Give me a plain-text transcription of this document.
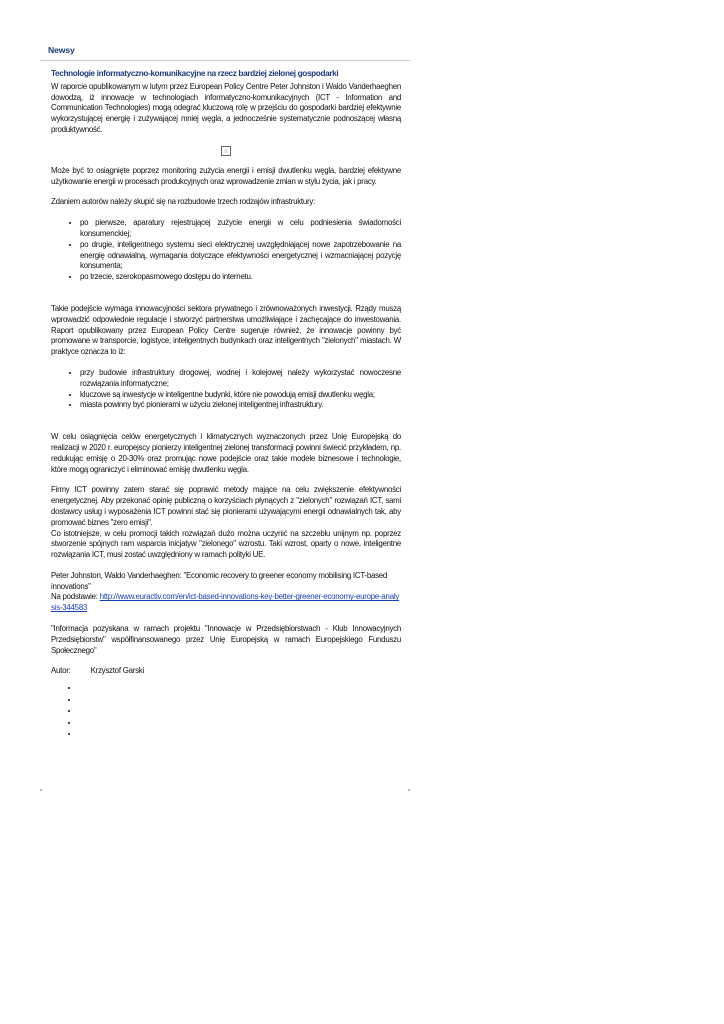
Newsy
Technologie informatyczno-komunikacyjne na rzecz bardziej zielonej gospodarki

W raporcie opublikowanym w lutym przez European Policy Centre Peter Johnston i Waldo Vanderhaeghen dowodzą, iż innowacje w technologiach informatyczno-komunikacyjnych (ICT - Information and Communication Technologies) mogą odegrać kluczową rolę w przejściu do gospodarki bardziej efektywnie wykorzystującej energię i zużywającej mniej węgla, a jednocześnie systematycznie podnoszącej własną produktywność.

Może być to osiągnięte poprzez monitoring zużycia energii i emisji dwutlenku węgla, bardziej efektywne użytkowanie energii w procesach produkcyjnych oraz wprowadzenie zmian w stylu życia, jak i pracy.

Zdaniem autorów należy skupić się na rozbudowie trzech rodzajów infrastruktury:

• po pierwsze, aparatury rejestrującej zużycie energii w celu podniesienia świadomości konsumenckiej;
• po drugie, inteligentnego systemu sieci elektrycznej uwzględniającej nowe zapotrzebowanie na energię odnawialną, wymagania dotyczące efektywności energetycznej i wzmacniającej pozycję konsumenta;
• po trzecie, szerokopasmowego dostępu do internetu.

Takie podejście wymaga innowacyjności sektora prywatnego i zrównoważonych inwestycji. Rządy muszą wprowadzić odpowiednie regulacje i stworzyć partnerstwa umożliwiające i zachęcające do inwestowania. Raport opublikowany przez European Policy Centre sugeruje również, że innowacje powinny być promowane w transporcie, logistyce, inteligentnych budynkach oraz inteligentnych "zielonych" miastach. W praktyce oznacza to iż:

• przy budowie infrastruktury drogowej, wodnej i kolejowej należy wykorzystać nowoczesne rozwiązania informatyczne;
• kluczowe są inwestycje w inteligentne budynki, które nie powodują emisji dwutlenku węgla;
• miasta powinny być pionierami w użyciu zielonej inteligentnej infrastruktury.

W celu osiągnięcia celów energetycznych i klimatycznych wyznaczonych przez Unię Europejską do realizacji w 2020 r. europejscy pionierzy inteligentnej zielonej transformacji powinni świecić przykładem, np. redukując emisję o 20-30% oraz promując nowe podejście oraz takie modele biznesowe i technologie, które mogą ograniczyć i eliminować emisję dwutlenku węgla.

Firmy ICT powinny zatem starać się poprawić metody mające na celu zwiększenie efektywności energetycznej. Aby przekonać opinię publiczną o korzyściach płynących z "zielonych" rozwiązań ICT, sami dostawcy usług i wyposażenia ICT powinni stać się pionierami używającymi energii odnawialnych tak, aby promować biznes "zero emisji".

Co istotniejsze, w celu promocji takich rozwiązań dużo można uczynić na szczeblu unijnym np. poprzez stworzenie spójnych ram wsparcia inicjatyw "zielonego" wzrostu. Taki wzrost, oparty o nowe, inteligentne rozwiązania ICT, musi zostać uwzględniony w ramach polityki UE.

Peter Johnston, Waldo Vanderhaeghen: "Economic recovery to greener economy mobilising ICT-based innovations"

Na podstawie: http://www.euractiv.com/en/ict-based-innovations-key-better-greener-economy-europe-analysis-344583

"Informacja pozyskana w ramach projektu "Innowacje w Przedsiębiorstwach - Klub Innowacyjnych Przedsiębiorstw" współfinansowanego przez Unię Europejską w ramach Europejskiego Funduszu Społecznego"

Autor:	Krzysztof Garski
•
•
•
•
•
